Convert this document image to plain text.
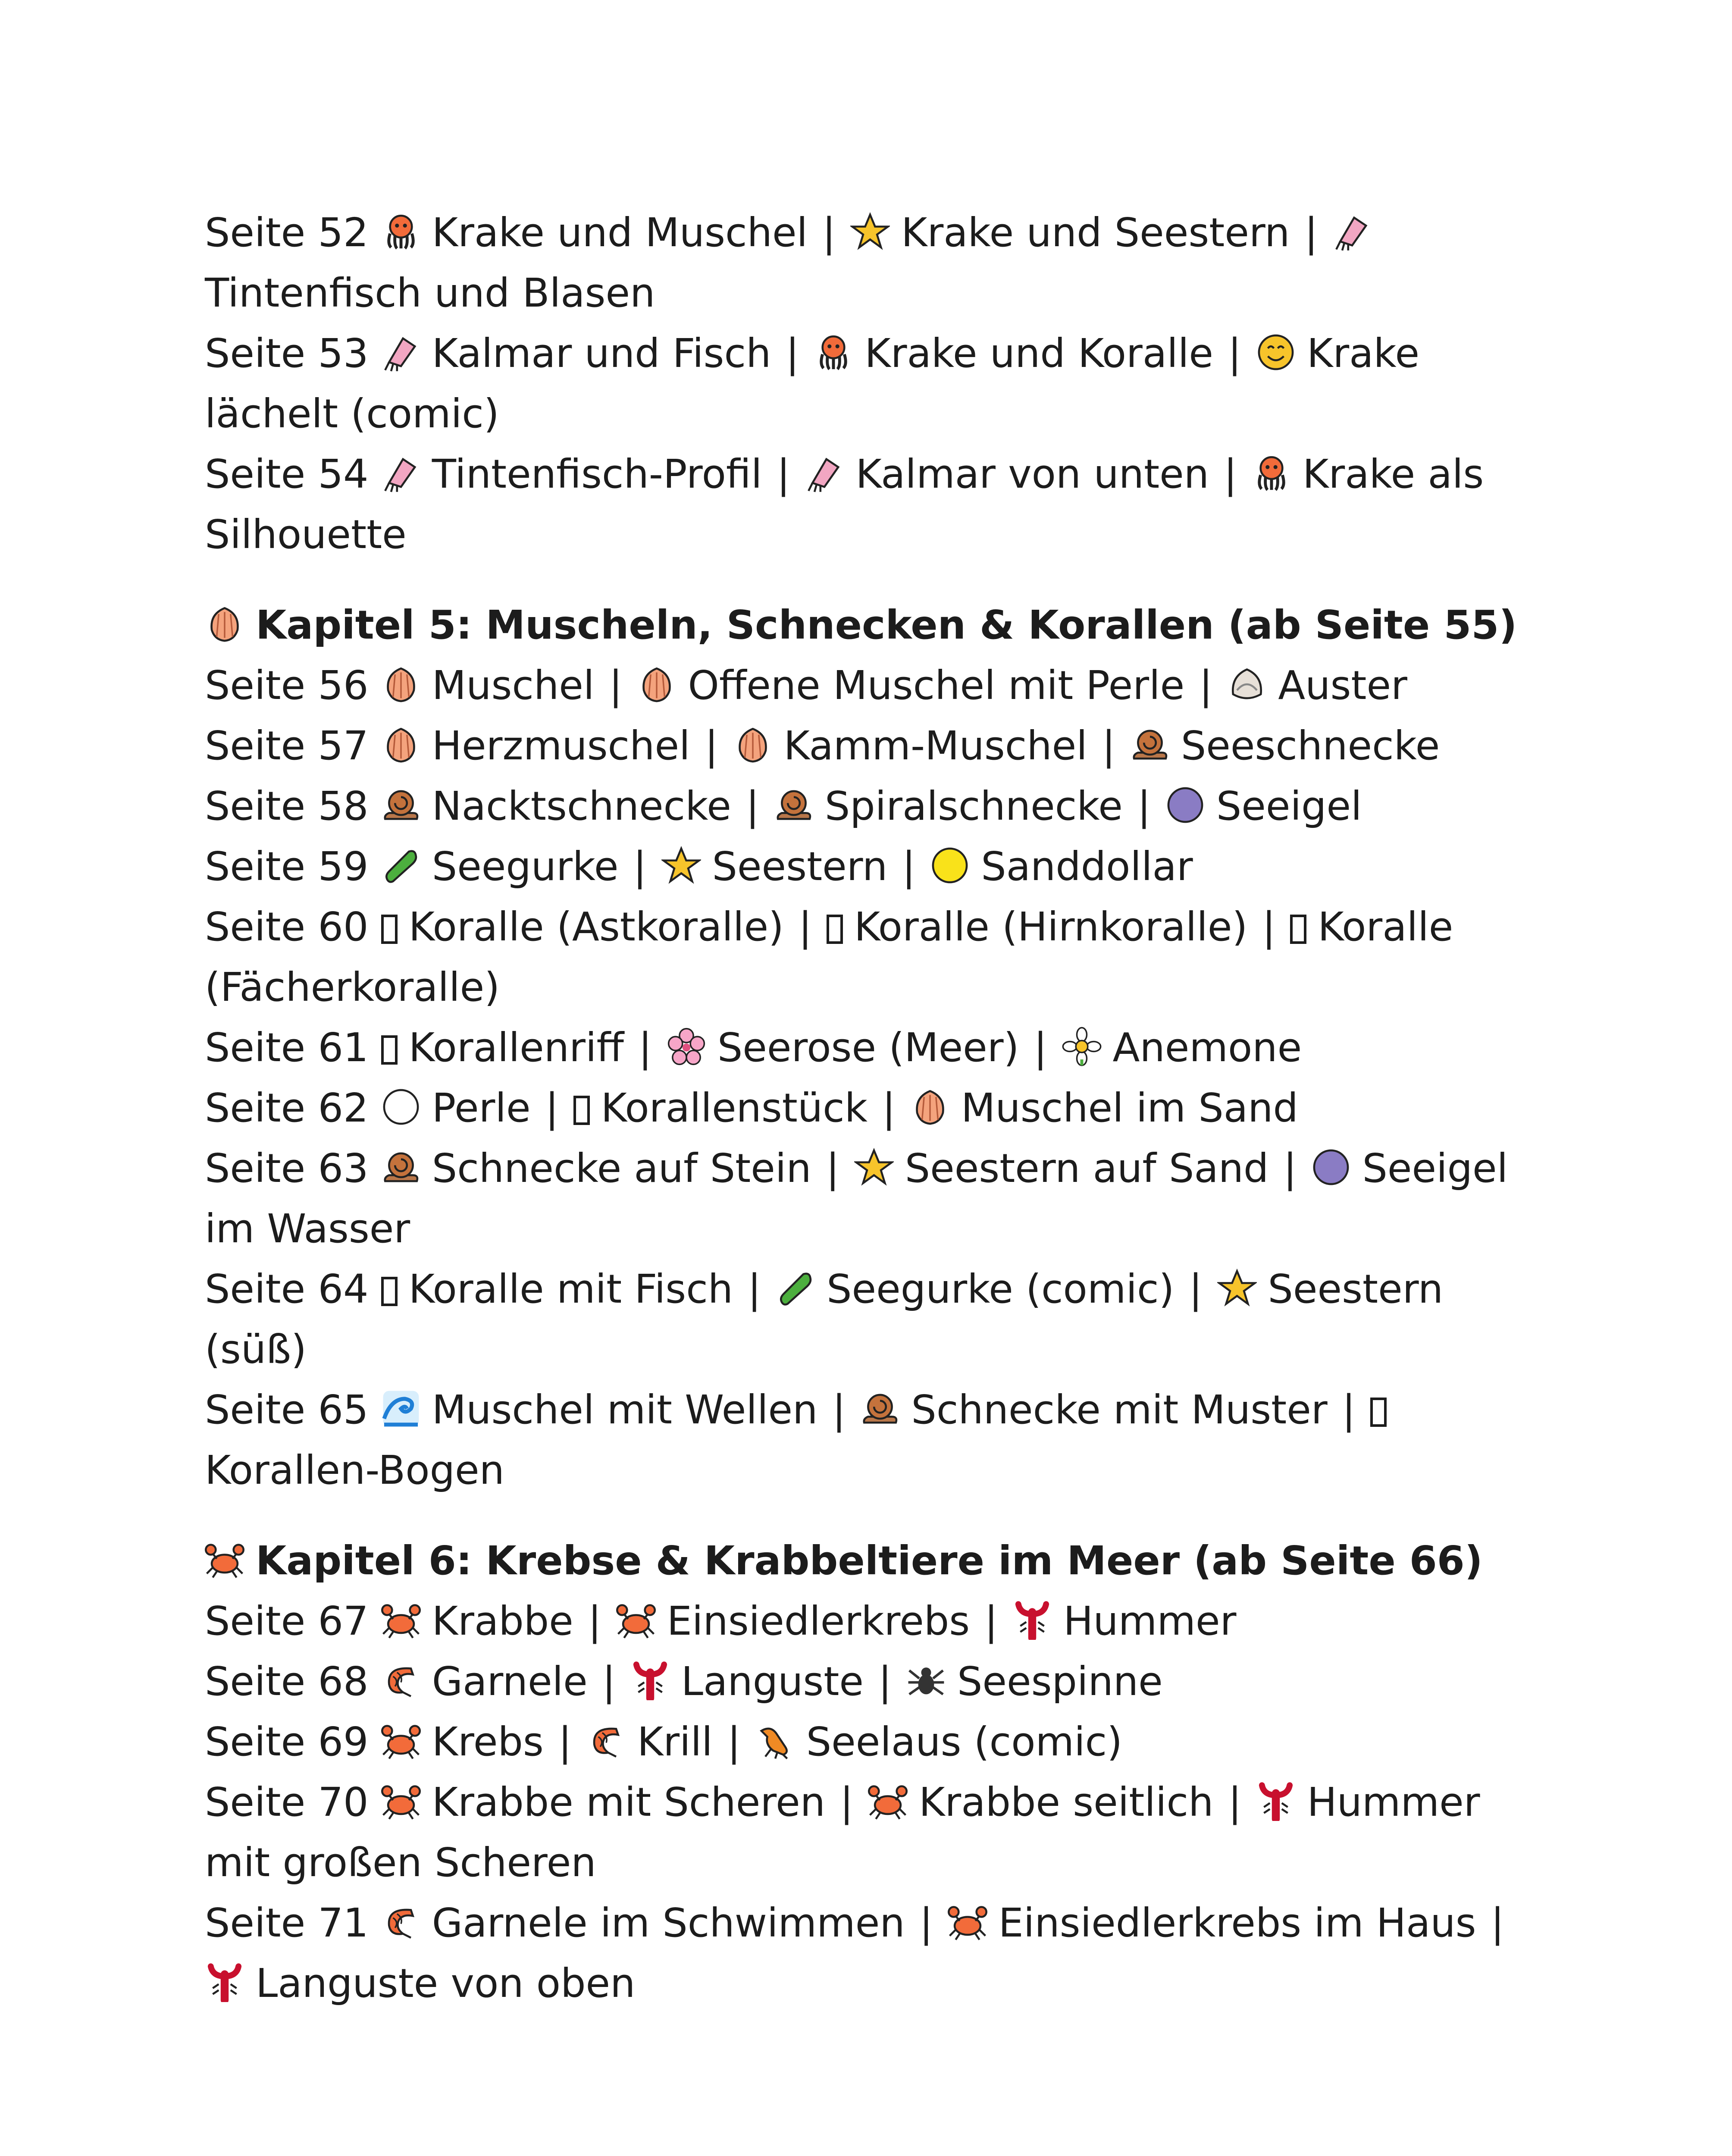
Seite 52 Krake und Muschel | Krake und Seestern |Tintenfisch und Blasen

Seite 53 Kalmar und Fisch | Krake und Koralle | Krake lächelt (comic)

Seite 54 Tintenfisch-Profil | Kalmar von unten | Krake als Silhouette

Kapitel 5: Muscheln, Schnecken & Korallen (ab Seite 55)

Seite 56 Muschel | Offene Muschel mit Perle | Auster

Seite 57 Herzmuschel | Kamm-Muschel | Seeschnecke

Seite 58 Nacktschnecke | Spiralschnecke | Seeigel

Seite 59 Seegurke | Seestern | Sanddollar

Seite 60 Koralle (Astkoralle) | Koralle (Hirnkoralle) | Koralle (Fächerkoralle)

Seite 61 Korallenriff | Seerose (Meer) | Anemone

Seite 62 Perle | Korallenstück | Muschel im Sand

Seite 63 Schnecke auf Stein | Seestern auf Sand | Seeigel im Wasser

Seite 64 Koralle mit Fisch | Seegurke (comic) | Seestern (süß)

Seite 65 Muschel mit Wellen | Schnecke mit Muster |Korallen-Bogen

Kapitel 6: Krebse & Krabbeltiere im Meer (ab Seite 66)

Seite 67 Krabbe | Einsiedlerkrebs | Hummer

Seite 68 Garnele | Languste | Seespinne

Seite 69 Krebs | Krill | Seelaus (comic)

Seite 70 Krabbe mit Scheren | Krabbe seitlich | Hummer mit großen Scheren

Seite 71 Garnele im Schwimmen | Einsiedlerkrebs im Haus |Languste von oben
